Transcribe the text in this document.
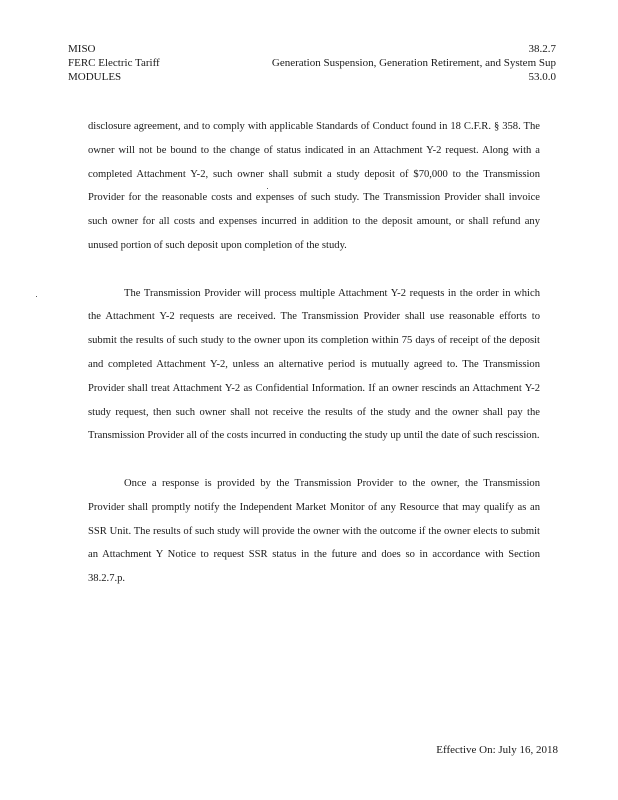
MISO
FERC Electric Tariff
MODULES
38.2.7
Generation Suspension, Generation Retirement, and System Sup
53.0.0

disclosure agreement, and to comply with applicable Standards of Conduct found in 18 C.F.R. § 358. The owner will not be bound to the change of status indicated in an Attachment Y-2 request. Along with a completed Attachment Y-2, such owner shall submit a study deposit of $70,000 to the Transmission Provider for the reasonable costs and expenses of such study. The Transmission Provider shall invoice such owner for all costs and expenses incurred in addition to the deposit amount, or shall refund any unused portion of such deposit upon completion of the study.

The Transmission Provider will process multiple Attachment Y-2 requests in the order in which the Attachment Y-2 requests are received. The Transmission Provider shall use reasonable efforts to submit the results of such study to the owner upon its completion within 75 days of receipt of the deposit and completed Attachment Y-2, unless an alternative period is mutually agreed to. The Transmission Provider shall treat Attachment Y-2 as Confidential Information. If an owner rescinds an Attachment Y-2 study request, then such owner shall not receive the results of the study and the owner shall pay the Transmission Provider all of the costs incurred in conducting the study up until the date of such rescission.

Once a response is provided by the Transmission Provider to the owner, the Transmission Provider shall promptly notify the Independent Market Monitor of any Resource that may qualify as an SSR Unit. The results of such study will provide the owner with the outcome if the owner elects to submit an Attachment Y Notice to request SSR status in the future and does so in accordance with Section 38.2.7.p.

Effective On: July 16, 2018
